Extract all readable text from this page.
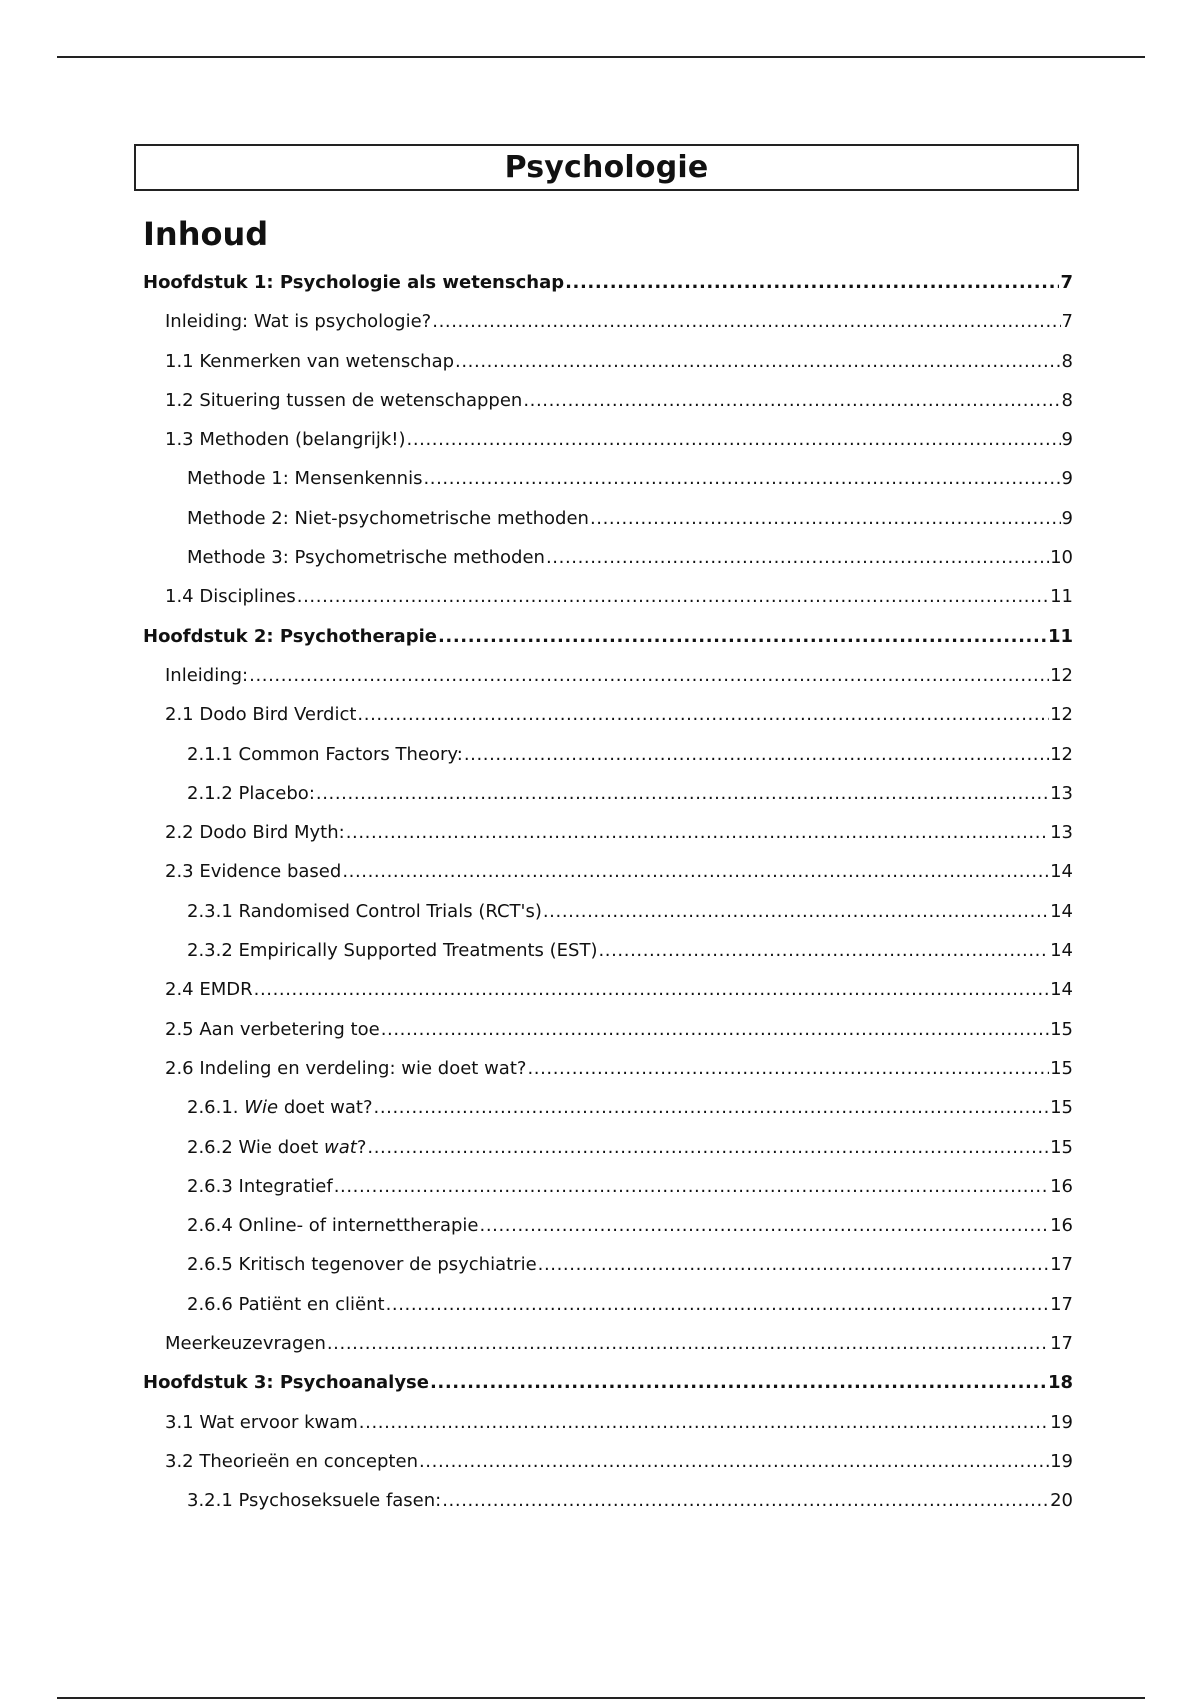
Psychologie
Inhoud
Hoofdstuk 1: Psychologie als wetenschap .....	7
Inleiding: Wat is psychologie? .....	7
1.1 Kenmerken van wetenschap .....	8
1.2 Situering tussen de wetenschappen .....	8
1.3 Methoden (belangrijk!) .....	9
Methode 1: Mensenkennis .....	9
Methode 2: Niet-psychometrische methoden .....	9
Methode 3: Psychometrische methoden .....	10
1.4 Disciplines .....	11
Hoofdstuk 2: Psychotherapie .....	11
Inleiding: .....	12
2.1 Dodo Bird Verdict .....	12
2.1.1 Common Factors Theory: .....	12
2.1.2 Placebo: .....	13
2.2 Dodo Bird Myth: .....	13
2.3 Evidence based .....	14
2.3.1 Randomised Control Trials (RCT's) .....	14
2.3.2 Empirically Supported Treatments (EST) .....	14
2.4 EMDR .....	14
2.5 Aan verbetering toe .....	15
2.6 Indeling en verdeling: wie doet wat? .....	15
2.6.1. Wie doet wat? .....	15
2.6.2 Wie doet wat? .....	15
2.6.3 Integratief .....	16
2.6.4 Online- of internettherapie .....	16
2.6.5 Kritisch tegenover de psychiatrie .....	17
2.6.6 Patiënt en cliënt .....	17
Meerkeuzevragen .....	17
Hoofdstuk 3: Psychoanalyse .....	18
3.1 Wat ervoor kwam .....	19
3.2 Theorieën en concepten .....	19
3.2.1 Psychoseksuele fasen: .....	20
